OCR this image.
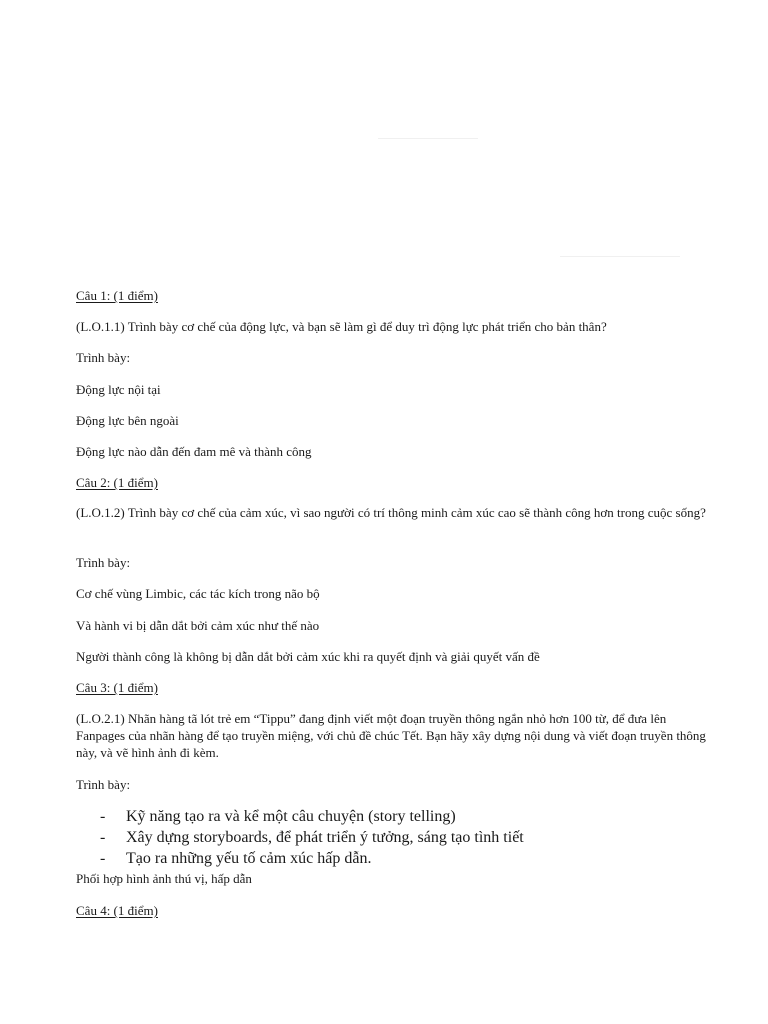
Câu 1: (1 điểm)
(L.O.1.1) Trình bày cơ chế của động lực, và bạn sẽ làm gì để duy trì động lực phát triển cho bản thân?
Trình bày:
Động lực nội tại
Động lực bên ngoài
Động lực nào dẫn đến đam mê và thành công
Câu 2: (1 điểm)
(L.O.1.2) Trình bày cơ chế của cảm xúc, vì sao người có trí thông minh cảm xúc cao sẽ thành công hơn trong cuộc sống?
Trình bày:
Cơ chế vùng Limbic, các tác kích trong não bộ
Và hành vi bị dẫn dắt bởi cảm xúc như thế nào
Người thành công là không bị dẫn dắt bởi cảm xúc khi ra quyết định và giải quyết vấn đề
Câu 3: (1 điểm)
(L.O.2.1) Nhãn hàng tã lót trẻ em “Tippu” đang định viết một đoạn truyền thông ngắn nhỏ hơn 100 từ, để đưa lên Fanpages của nhãn hàng để tạo truyền miệng, với chủ đề chúc Tết. Bạn hãy xây dựng nội dung và viết đoạn truyền thông này, và vẽ hình ảnh đi kèm.
Trình bày:
- Kỹ năng tạo ra và kể một câu chuyện (story telling)
- Xây dựng storyboards, để phát triển ý tưởng, sáng tạo tình tiết
- Tạo ra những yếu tố cảm xúc hấp dẫn.
Phối hợp hình ảnh thú vị, hấp dẫn
Câu 4: (1 điểm)
